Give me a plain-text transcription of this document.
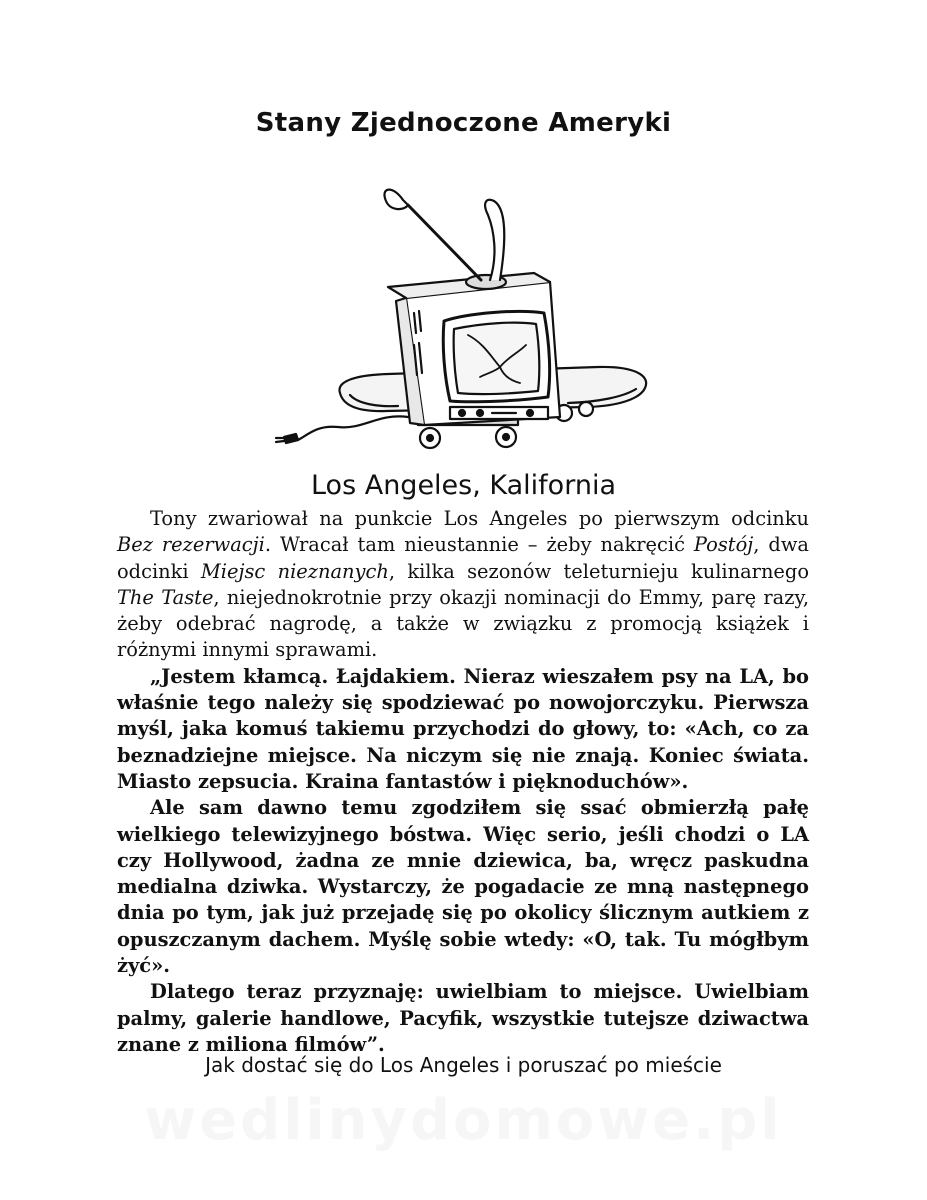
Stany Zjednoczone Ameryki
Los Angeles, Kalifornia

Tony zwariował na punkcie Los Angeles po pierwszym odcinku Bez rezerwacji. Wracał tam nieustannie – żeby nakręcić Postój, dwa odcinki Miejsc nieznanych, kilka sezonów teleturnieju kulinarnego The Taste, niejednokrotnie przy okazji nominacji do Emmy, parę razy, żeby odebrać nagrodę, a także w związku z promocją książek i różnymi innymi sprawami.

„Jestem kłamcą. Łajdakiem. Nieraz wieszałem psy na LA, bo właśnie tego należy się spodziewać po nowojorczyku. Pierwsza myśl, jaka komuś takiemu przychodzi do głowy, to: «Ach, co za beznadziejne miejsce. Na niczym się nie znają. Koniec świata. Miasto zepsucia. Kraina fantastów i pięknoduchów».

Ale sam dawno temu zgodziłem się ssać obmierzłą pałę wielkiego telewizyjnego bóstwa. Więc serio, jeśli chodzi o LA czy Hollywood, żadna ze mnie dziewica, ba, wręcz paskudna medialna dziwka. Wystarczy, że pogadacie ze mną następnego dnia po tym, jak już przejadę się po okolicy ślicznym autkiem z opuszczanym dachem. Myślę sobie wtedy: «O, tak. Tu mógłbym żyć».

Dlatego teraz przyznaję: uwielbiam to miejsce. Uwielbiam palmy, galerie handlowe, Pacyfik, wszystkie tutejsze dziwactwa znane z miliona filmów”.

Jak dostać się do Los Angeles i poruszać po mieście
wedlinydomowe.pl
